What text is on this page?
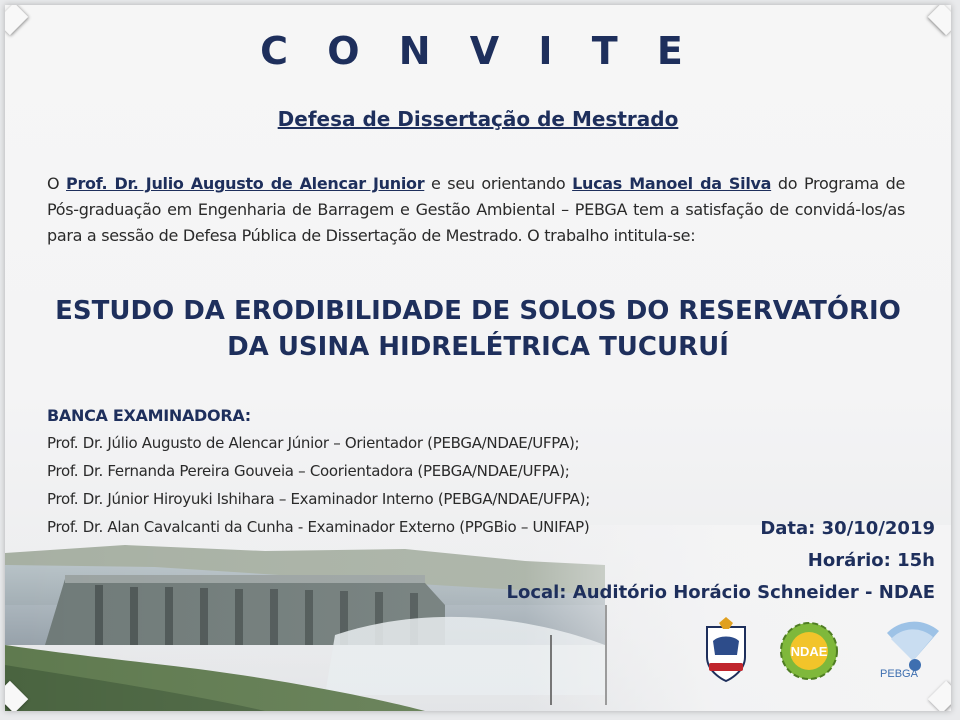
C O N V I T E
Defesa de Dissertação de Mestrado
O Prof. Dr. Julio Augusto de Alencar Junior e seu orientando Lucas Manoel da Silva do Programa de Pós-graduação em Engenharia de Barragem e Gestão Ambiental – PEBGA tem a satisfação de convidá-los/as para a sessão de Defesa Pública de Dissertação de Mestrado. O trabalho intitula-se:
ESTUDO DA ERODIBILIDADE DE SOLOS DO RESERVATÓRIO DA USINA HIDRELÉTRICA TUCURUÍ
BANCA EXAMINADORA:
Prof. Dr. Júlio Augusto de Alencar Júnior – Orientador (PEBGA/NDAE/UFPA);
Prof. Dr. Fernanda Pereira Gouveia – Coorientadora (PEBGA/NDAE/UFPA);
Prof. Dr. Júnior Hiroyuki Ishihara – Examinador Interno (PEBGA/NDAE/UFPA);
Prof. Dr. Alan Cavalcanti da Cunha - Examinador Externo (PPGBio – UNIFAP)	Data: 30/10/2019
Horário: 15h
Local: Auditório Horácio Schneider - NDAE
NDAE
PEBGA
